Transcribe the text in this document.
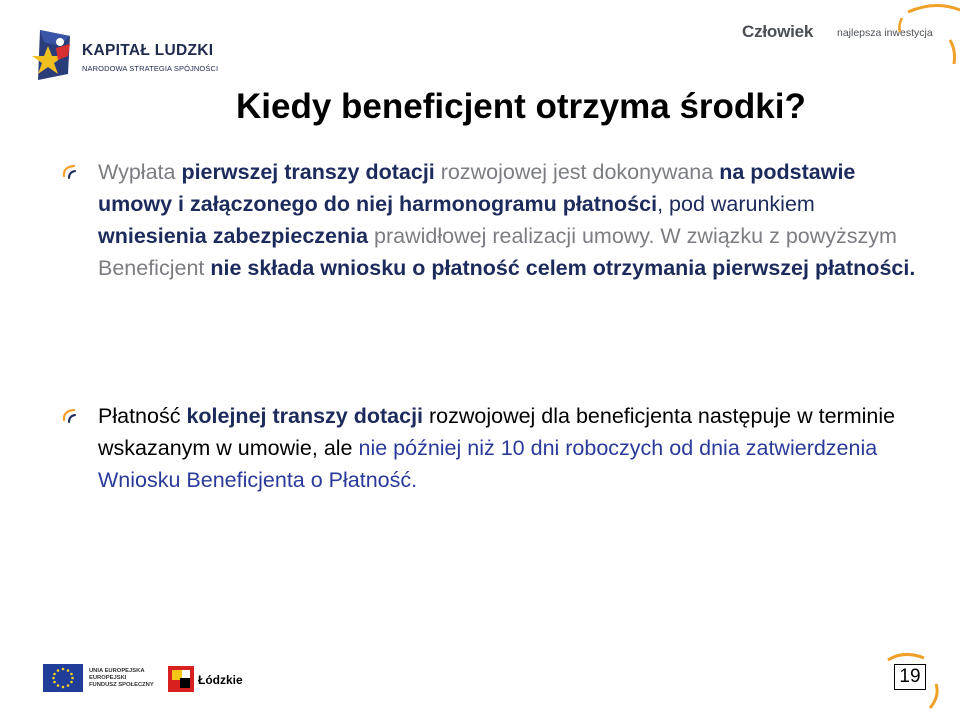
KAPITAŁ LUDZKI
NARODOWA STRATEGIA SPÓJNOŚCI
Człowiek najlepsza inwestycja
Kiedy beneficjent otrzyma środki?
Wypłata pierwszej transzy dotacji rozwojowej jest dokonywana na podstawie umowy i załączonego do niej harmonogramu płatności, pod warunkiem wniesienia zabezpieczenia prawidłowej realizacji umowy. W związku z powyższym Beneficjent nie składa wniosku o płatność celem otrzymania pierwszej płatności.
Płatność kolejnej transzy dotacji rozwojowej dla beneficjenta następuje w terminie wskazanym w umowie, ale nie później niż 10 dni roboczych od dnia zatwierdzenia Wniosku Beneficjenta o Płatność.
UNIA EUROPEJSKA
EUROPEJSKI
FUNDUSZ SPOŁECZNY	Łódzkie	19
